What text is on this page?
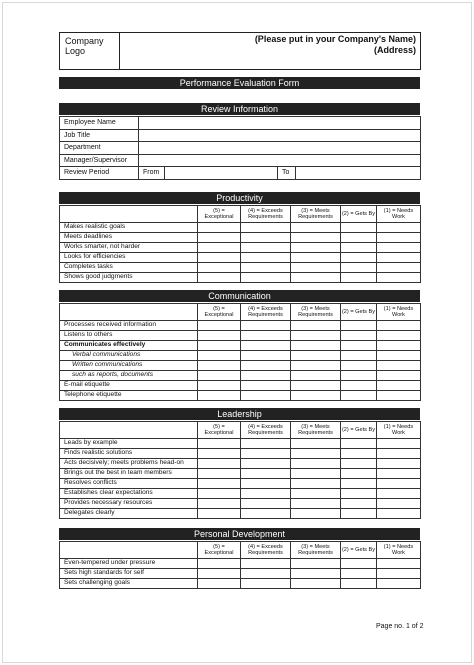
Company
Logo
(Please put in your Company's Name)
(Address)
Performance Evaluation Form
Review Information
Employee Name				
Job Title				
Department				
Manager/Supervisor				
Review Period	From		To	
Productivity
	(5) = Exceptional	(4) = Exceeds Requirements	(3) = Meets Requirements	(2) = Gets By	(1) = Needs Work
Makes realistic goals					
Meets deadlines					
Works smarter, not harder					
Looks for efficiencies					
Completes tasks					
Shows good judgments					
Communication
	(5) = Exceptional	(4) = Exceeds Requirements	(3) = Meets Requirements	(2) = Gets By	(1) = Needs Work
Processes received information					
Listens to others					
Communicates effectively					
Verbal communications					
Written communications					
such as reports, documents					
E-mail etiquette					
Telephone etiquette					
Leadership
	(5) = Exceptional	(4) = Exceeds Requirements	(3) = Meets Requirements	(2) = Gets By	(1) = Needs Work
Leads by example					
Finds realistic solutions					
Acts decisively; meets problems head-on					
Brings out the best in team members					
Resolves conflicts					
Establishes clear expectations					
Provides necessary resources					
Delegates clearly					
Personal Development
	(5) = Exceptional	(4) = Exceeds Requirements	(3) = Meets Requirements	(2) = Gets By	(1) = Needs Work
Even-tempered under pressure					
Sets high standards for self					
Sets challenging goals					
Page no. 1 of 2
